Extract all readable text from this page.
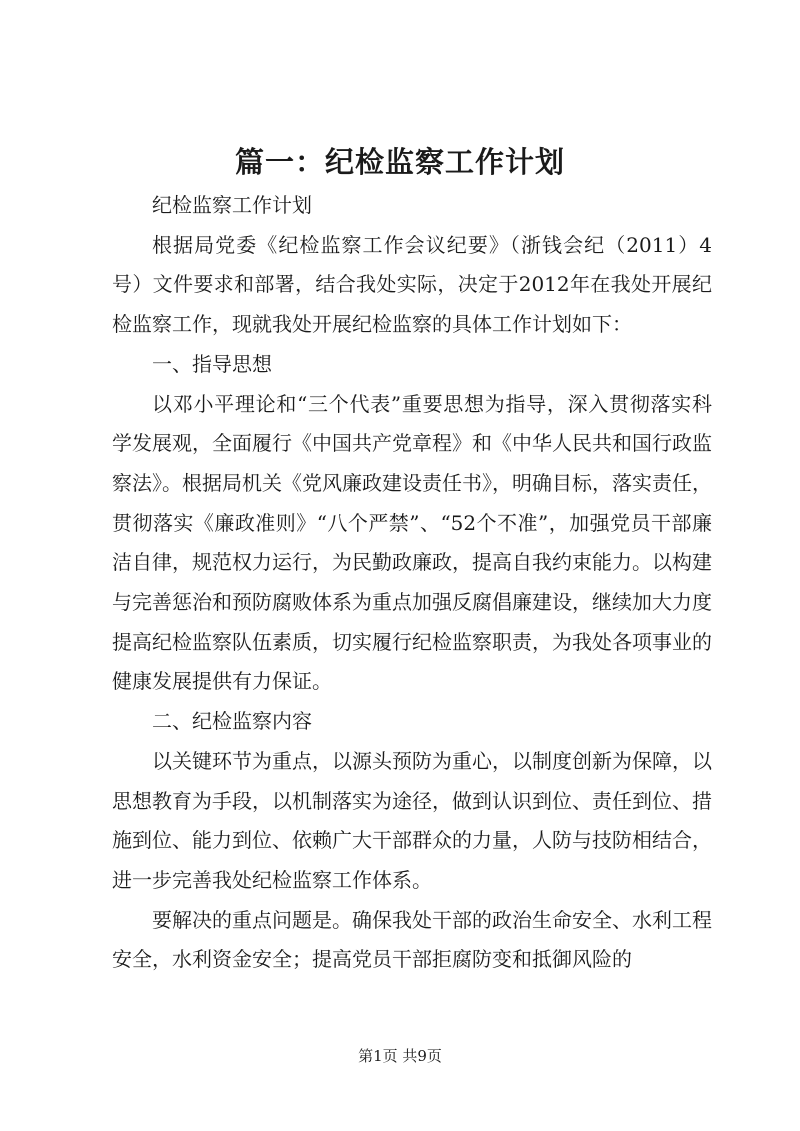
篇一：纪检监察工作计划

纪检监察工作计划

根据局党委《纪检监察工作会议纪要》（浙钱会纪（2011）4号）文件要求和部署，结合我处实际，决定于2012年在我处开展纪检监察工作，现就我处开展纪检监察的具体工作计划如下：

一、指导思想

以邓小平理论和“三个代表”重要思想为指导，深入贯彻落实科学发展观，全面履行《中国共产党章程》和《中华人民共和国行政监察法》。根据局机关《党风廉政建设责任书》，明确目标，落实责任，贯彻落实《廉政准则》“八个严禁”、“52个不准”，加强党员干部廉洁自律，规范权力运行，为民勤政廉政，提高自我约束能力。以构建与完善惩治和预防腐败体系为重点加强反腐倡廉建设，继续加大力度提高纪检监察队伍素质，切实履行纪检监察职责，为我处各项事业的健康发展提供有力保证。

二、纪检监察内容

以关键环节为重点，以源头预防为重心，以制度创新为保障，以思想教育为手段，以机制落实为途径，做到认识到位、责任到位、措施到位、能力到位、依赖广大干部群众的力量，人防与技防相结合，进一步完善我处纪检监察工作体系。

要解决的重点问题是。确保我处干部的政治生命安全、水利工程安全，水利资金安全；提高党员干部拒腐防变和抵御风险的

第1页 共9页
